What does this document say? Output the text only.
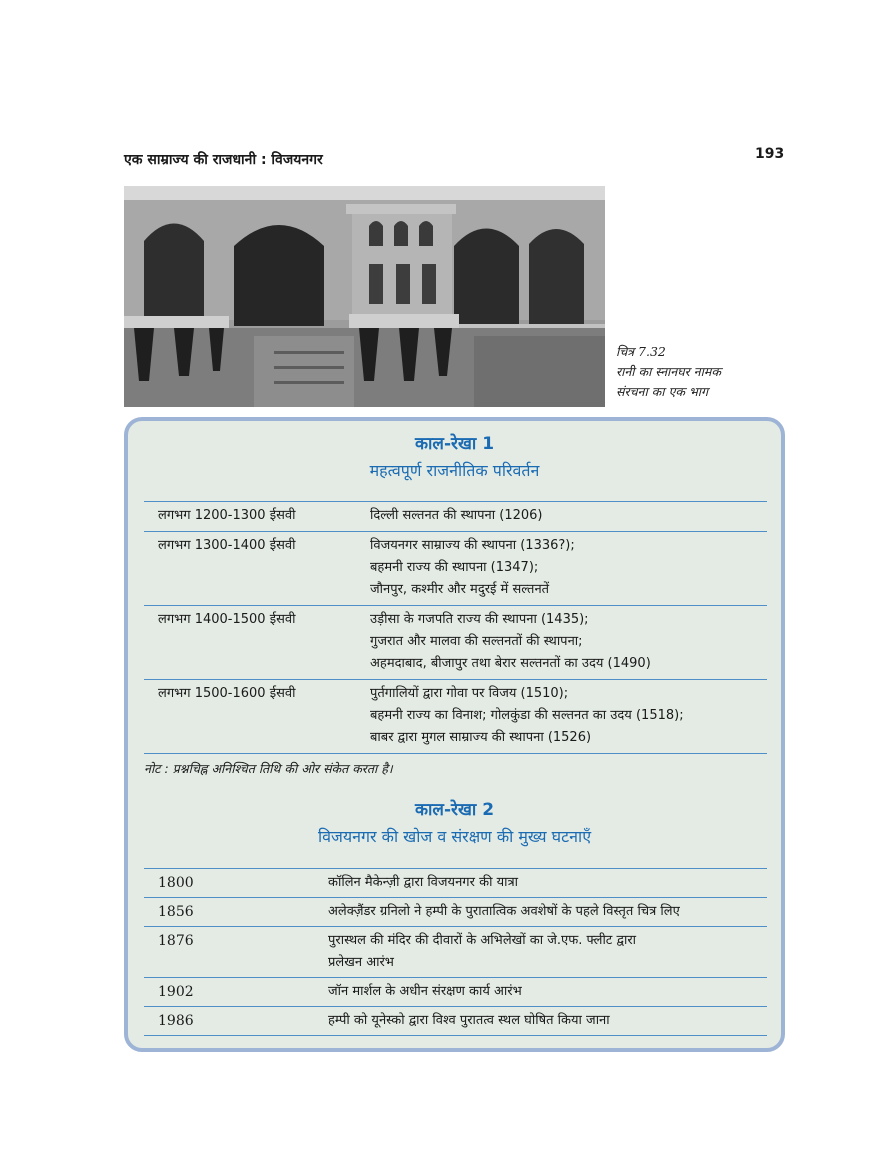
एक साम्राज्य की राजधानी : विजयनगर	193
चित्र 7.32
रानी का स्नानघर नामक
संरचना का एक भाग
काल-रेखा 1
महत्वपूर्ण राजनीतिक परिवर्तन
लगभग 1200-1300 ईसवी	दिल्ली सल्तनत की स्थापना (1206)
लगभग 1300-1400 ईसवी	विजयनगर साम्राज्य की स्थापना (1336?);
बहमनी राज्य की स्थापना (1347);
जौनपुर, कश्मीर और मदुरई में सल्तनतें
लगभग 1400-1500 ईसवी	उड़ीसा के गजपति राज्य की स्थापना (1435);
गुजरात और मालवा की सल्तनतों की स्थापना;
अहमदाबाद, बीजापुर तथा बेरार सल्तनतों का उदय (1490)
लगभग 1500-1600 ईसवी	पुर्तगालियों द्वारा गोवा पर विजय (1510);
बहमनी राज्य का विनाश; गोलकुंडा की सल्तनत का उदय (1518);
बाबर द्वारा मुगल साम्राज्य की स्थापना (1526)
नोट : प्रश्नचिह्न अनिश्चित तिथि की ओर संकेत करता है।
काल-रेखा 2
विजयनगर की खोज व संरक्षण की मुख्य घटनाएँ
1800	कॉलिन मैकेन्ज़ी द्वारा विजयनगर की यात्रा
1856	अलेक्ज़ैंडर ग्रनिलो ने हम्पी के पुरातात्विक अवशेषों के पहले विस्तृत चित्र लिए
1876	पुरास्थल की मंदिर की दीवारों के अभिलेखों का जे.एफ. फ्लीट द्वारा
प्रलेखन आरंभ
1902	जॉन मार्शल के अधीन संरक्षण कार्य आरंभ
1986	हम्पी को यूनेस्को द्वारा विश्व पुरातत्व स्थल घोषित किया जाना
